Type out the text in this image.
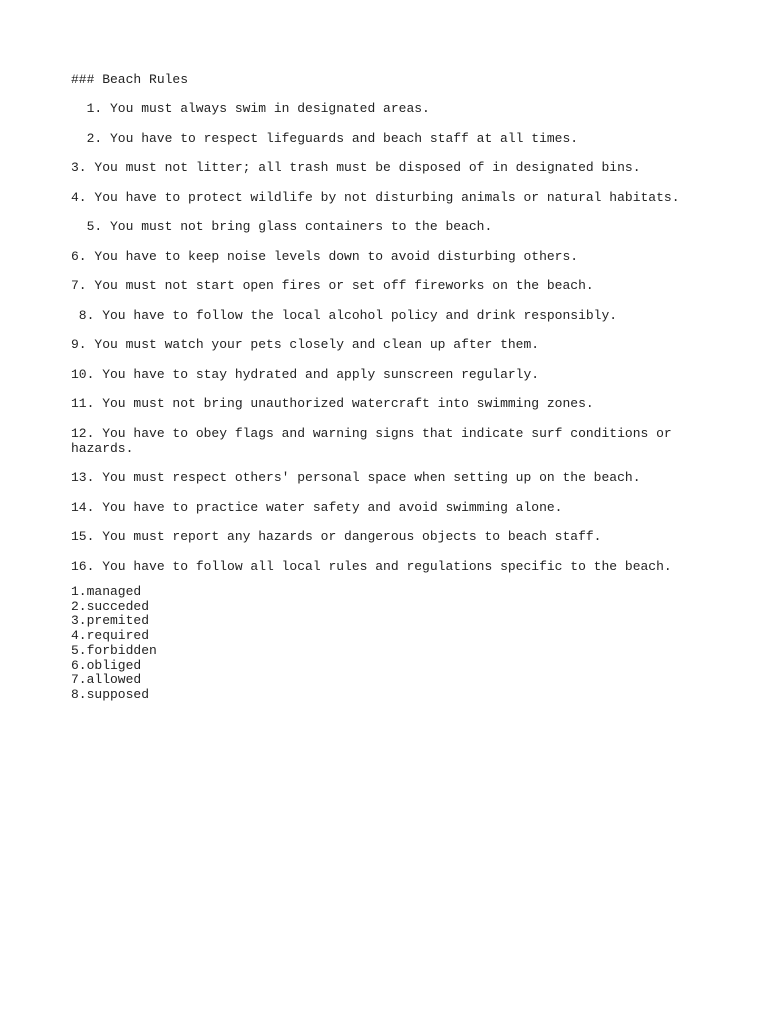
### Beach Rules
1. You must always swim in designated areas.
2. You have to respect lifeguards and beach staff at all times.
3. You must not litter; all trash must be disposed of in designated bins.
4. You have to protect wildlife by not disturbing animals or natural habitats.
5. You must not bring glass containers to the beach.
6. You have to keep noise levels down to avoid disturbing others.
7. You must not start open fires or set off fireworks on the beach.
8. You have to follow the local alcohol policy and drink responsibly.
9. You must watch your pets closely and clean up after them.
10. You have to stay hydrated and apply sunscreen regularly.
11. You must not bring unauthorized watercraft into swimming zones.
12. You have to obey flags and warning signs that indicate surf conditions or hazards.
13. You must respect others' personal space when setting up on the beach.
14. You have to practice water safety and avoid swimming alone.
15. You must report any hazards or dangerous objects to beach staff.
16. You have to follow all local rules and regulations specific to the beach.
1.managed
2.succeded
3.premited
4.required
5.forbidden
6.obliged
7.allowed
8.supposed
